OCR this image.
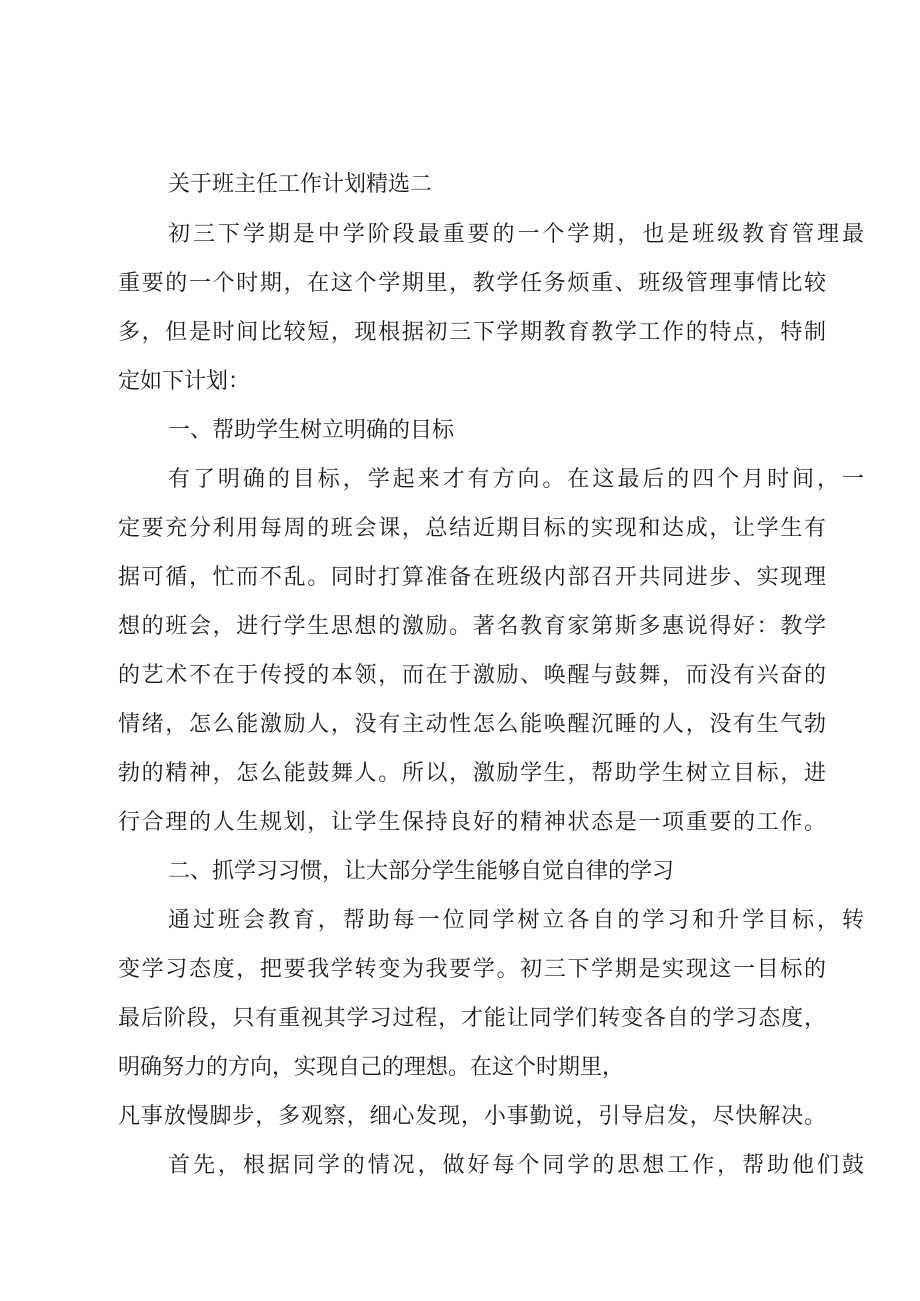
关于班主任工作计划精选二

初三下学期是中学阶段最重要的一个学期，也是班级教育管理最

重要的一个时期，在这个学期里，教学任务烦重、班级管理事情比较

多，但是时间比较短，现根据初三下学期教育教学工作的特点，特制

定如下计划：

一、帮助学生树立明确的目标

有了明确的目标，学起来才有方向。在这最后的四个月时间，一

定要充分利用每周的班会课，总结近期目标的实现和达成，让学生有

据可循，忙而不乱。同时打算准备在班级内部召开共同进步、实现理

想的班会，进行学生思想的激励。著名教育家第斯多惠说得好：教学

的艺术不在于传授的本领，而在于激励、唤醒与鼓舞，而没有兴奋的

情绪，怎么能激励人，没有主动性怎么能唤醒沉睡的人，没有生气勃

勃的精神，怎么能鼓舞人。所以，激励学生，帮助学生树立目标，进

行合理的人生规划，让学生保持良好的精神状态是一项重要的工作。

二、抓学习习惯，让大部分学生能够自觉自律的学习

通过班会教育，帮助每一位同学树立各自的学习和升学目标，转

变学习态度，把要我学转变为我要学。初三下学期是实现这一目标的

最后阶段，只有重视其学习过程，才能让同学们转变各自的学习态度，

明确努力的方向，实现自己的理想。在这个时期里，

凡事放慢脚步，多观察，细心发现，小事勤说，引导启发，尽快解决。

首先，根据同学的情况，做好每个同学的思想工作，帮助他们鼓
